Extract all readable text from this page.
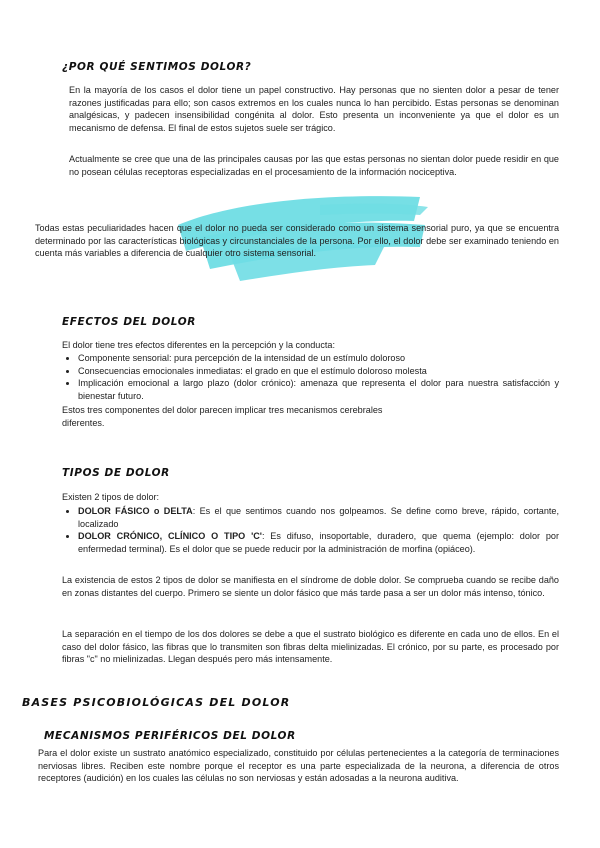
¿POR QUÉ SENTIMOS DOLOR?
En la mayoría de los casos el dolor tiene un papel constructivo. Hay personas que no sienten dolor a pesar de tener razones justificadas para ello; son casos extremos en los cuales nunca lo han percibido. Estas personas se denominan analgésicas, y padecen insensibilidad congénita al dolor. Esto presenta un inconveniente ya que el dolor es un mecanismo de defensa. El final de estos sujetos suele ser trágico.
Actualmente se cree que una de las principales causas por las que estas personas no sientan dolor puede residir en que no posean células receptoras especializadas en el procesamiento de la información nociceptiva.
Todas estas peculiaridades hacen que el dolor no pueda ser considerado como un sistema sensorial puro, ya que se encuentra determinado por las características biológicas y circunstanciales de la persona. Por ello, el dolor debe ser examinado teniendo en cuenta más variables a diferencia de cualquier otro sistema sensorial.
EFECTOS DEL DOLOR
El dolor tiene tres efectos diferentes en la percepción y la conducta:
• Componente sensorial: pura percepción de la intensidad de un estímulo doloroso
• Consecuencias emocionales inmediatas: el grado en que el estímulo doloroso molesta
• Implicación emocional a largo plazo (dolor crónico): amenaza que representa el dolor para nuestra satisfacción y bienestar futuro.
Estos tres componentes del dolor parecen implicar tres mecanismos cerebrales diferentes.
TIPOS DE DOLOR
Existen 2 tipos de dolor:
• DOLOR FÁSICO o DELTA: Es el que sentimos cuando nos golpeamos. Se define como breve, rápido, cortante, localizado
• DOLOR CRÓNICO, CLÍNICO O TIPO 'C': Es difuso, insoportable, duradero, que quema (ejemplo: dolor por enfermedad terminal). Es el dolor que se puede reducir por la administración de morfina (opiáceo).
La existencia de estos 2 tipos de dolor se manifiesta en el síndrome de doble dolor. Se comprueba cuando se recibe daño en zonas distantes del cuerpo. Primero se siente un dolor fásico que más tarde pasa a ser un dolor más intenso, tónico.
La separación en el tiempo de los dos dolores se debe a que el sustrato biológico es diferente en cada uno de ellos. En el caso del dolor fásico, las fibras que lo transmiten son fibras delta mielinizadas. El crónico, por su parte, es procesado por fibras "c" no mielinizadas. Llegan después pero más intensamente.
BASES PSICOBIOLÓGICAS DEL DOLOR
MECANISMOS PERIFÉRICOS DEL DOLOR
Para el dolor existe un sustrato anatómico especializado, constituido por células pertenecientes a la categoría de terminaciones nerviosas libres. Reciben este nombre porque el receptor es una parte especializada de la neurona, a diferencia de otros receptores (audición) en los cuales las células no son nerviosas y están adosadas a la neurona auditiva.
